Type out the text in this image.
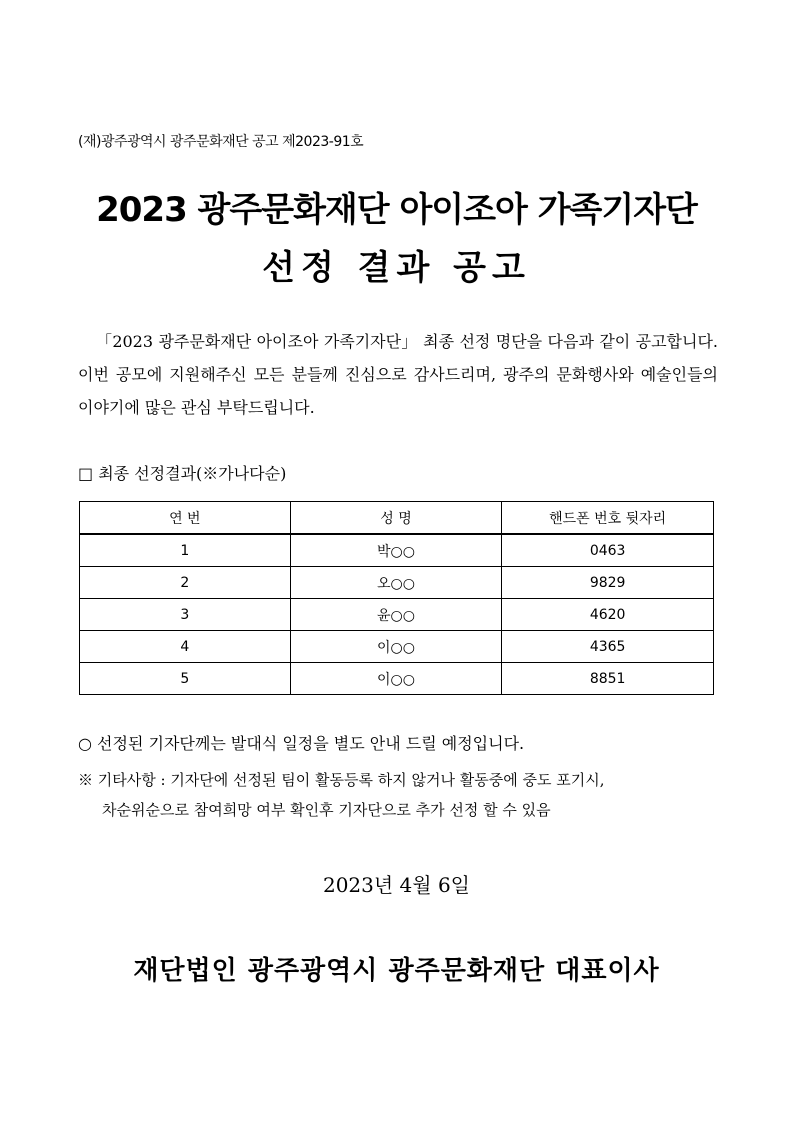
(재)광주광역시 광주문화재단 공고 제2023-91호
2023 광주문화재단 아이조아 가족기자단
선정 결과 공고
「2023 광주문화재단 아이조아 가족기자단」 최종 선정 명단을 다음과 같이 공고합니다. 이번 공모에 지원해주신 모든 분들께 진심으로 감사드리며, 광주의 문화행사와 예술인들의 이야기에 많은 관심 부탁드립니다.
□ 최종 선정결과(※가나다순)
연 번	성 명	핸드폰 번호 뒷자리
1	박○○	0463
2	오○○	9829
3	윤○○	4620
4	이○○	4365
5	이○○	8851
○ 선정된 기자단께는 발대식 일정을 별도 안내 드릴 예정입니다.
※ 기타사항 : 기자단에 선정된 팀이 활동등록 하지 않거나 활동중에 중도 포기시,
차순위순으로 참여희망 여부 확인후 기자단으로 추가 선정 할 수 있음
2023년 4월 6일
재단법인 광주광역시 광주문화재단 대표이사
